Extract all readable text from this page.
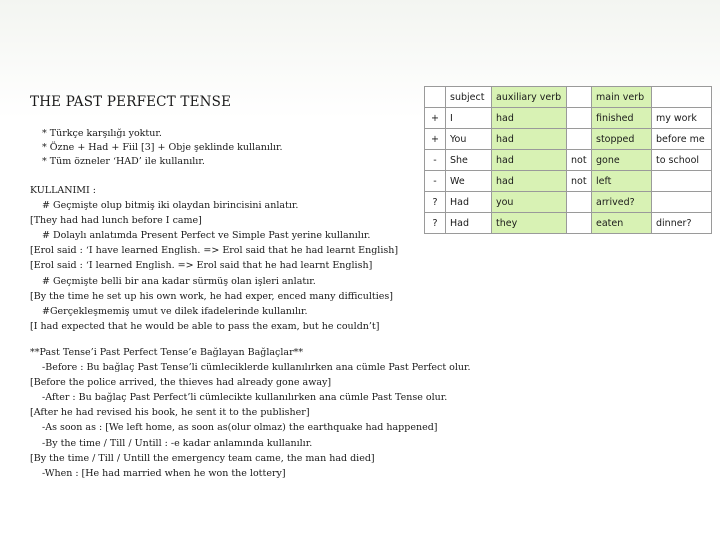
THE PAST PERFECT TENSE
* Türkçe karşılığı yoktur.
* Özne + Had + Fiil [3] + Obje şeklinde kullanılır.
* Tüm özneler ‘HAD’ ile kullanılır.
KULLANIMI :
# Geçmişte olup bitmiş iki olaydan birincisini anlatır.
[They had had lunch before I came]
# Dolaylı anlatımda Present Perfect ve Simple Past yerine kullanılır.
[Erol said : ‘I have learned English. => Erol said that he had learnt English]
[Erol said : ‘I learned English. => Erol said that he had learnt English]
# Geçmişte belli bir ana kadar sürmüş olan işleri anlatır.
[By the time he set up his own work, he had exper, enced many difficulties]
#Gerçekleşmemiş umut ve dilek ifadelerinde kullanılır.
[I had expected that he would be able to pass the exam, but he couldn’t]
**Past Tense’i Past Perfect Tense’e Bağlayan Bağlaçlar**
-Before : Bu bağlaç Past Tense’li cümleciklerde kullanılırken ana cümle Past Perfect olur.
[Before the police arrived, the thieves had already gone away]
-After : Bu bağlaç Past Perfect’li cümlecikte kullanılırken ana cümle Past Tense olur.
[After he had revised his book, he sent it to the publisher]
-As soon as : [We left home, as soon as(olur olmaz) the earthquake had happened]
-By the time / Till / Untill : -e kadar anlamında kullanılır.
[By the time / Till / Untill the emergency team came, the man had died]
-When : [He had married when he won the lottery]
	subject	auxiliary verb		main verb	
+	I	had		finished	my work
+	You	had		stopped	before me
-	She	had	not	gone	to school
-	We	had	not	left	
?	Had	you		arrived?	
?	Had	they		eaten	dinner?
